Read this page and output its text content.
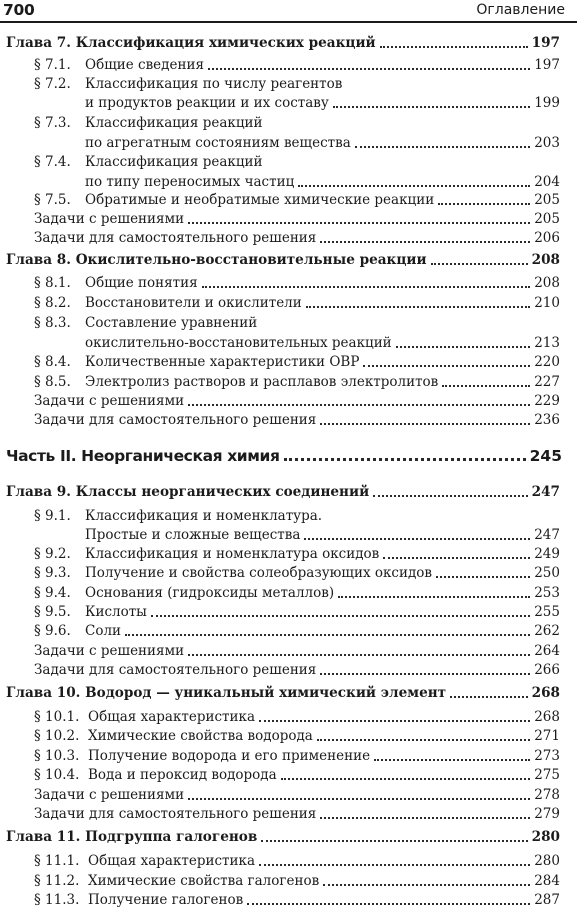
700	Оглавление
Глава 7. Классификация химических реакций	197
§ 7.1. Общие сведения	197
§ 7.2. Классификация по числу реагентов
и продуктов реакции и их составу	199
§ 7.3. Классификация реакций
по агрегатным состояниям вещества	203
§ 7.4. Классификация реакций
по типу переносимых частиц	204
§ 7.5. Обратимые и необратимые химические реакции	205
Задачи с решениями	205
Задачи для самостоятельного решения	206
Глава 8. Окислительно-восстановительные реакции	208
§ 8.1. Общие понятия	208
§ 8.2. Восстановители и окислители	210
§ 8.3. Составление уравнений
окислительно-восстановительных реакций	213
§ 8.4. Количественные характеристики ОВР	220
§ 8.5. Электролиз растворов и расплавов электролитов	227
Задачи с решениями	229
Задачи для самостоятельного решения	236
Часть II. Неорганическая химия	245
Глава 9. Классы неорганических соединений	247
§ 9.1. Классификация и номенклатура.
Простые и сложные вещества	247
§ 9.2. Классификация и номенклатура оксидов	249
§ 9.3. Получение и свойства солеобразующих оксидов	250
§ 9.4. Основания (гидроксиды металлов)	253
§ 9.5. Кислоты	255
§ 9.6. Соли	262
Задачи с решениями	264
Задачи для самостоятельного решения	266
Глава 10. Водород — уникальный химический элемент	268
§ 10.1. Общая характеристика	268
§ 10.2. Химические свойства водорода	271
§ 10.3. Получение водорода и его применение	273
§ 10.4. Вода и пероксид водорода	275
Задачи с решениями	278
Задачи для самостоятельного решения	279
Глава 11. Подгруппа галогенов	280
§ 11.1. Общая характеристика	280
§ 11.2. Химические свойства галогенов	284
§ 11.3. Получение галогенов	287
